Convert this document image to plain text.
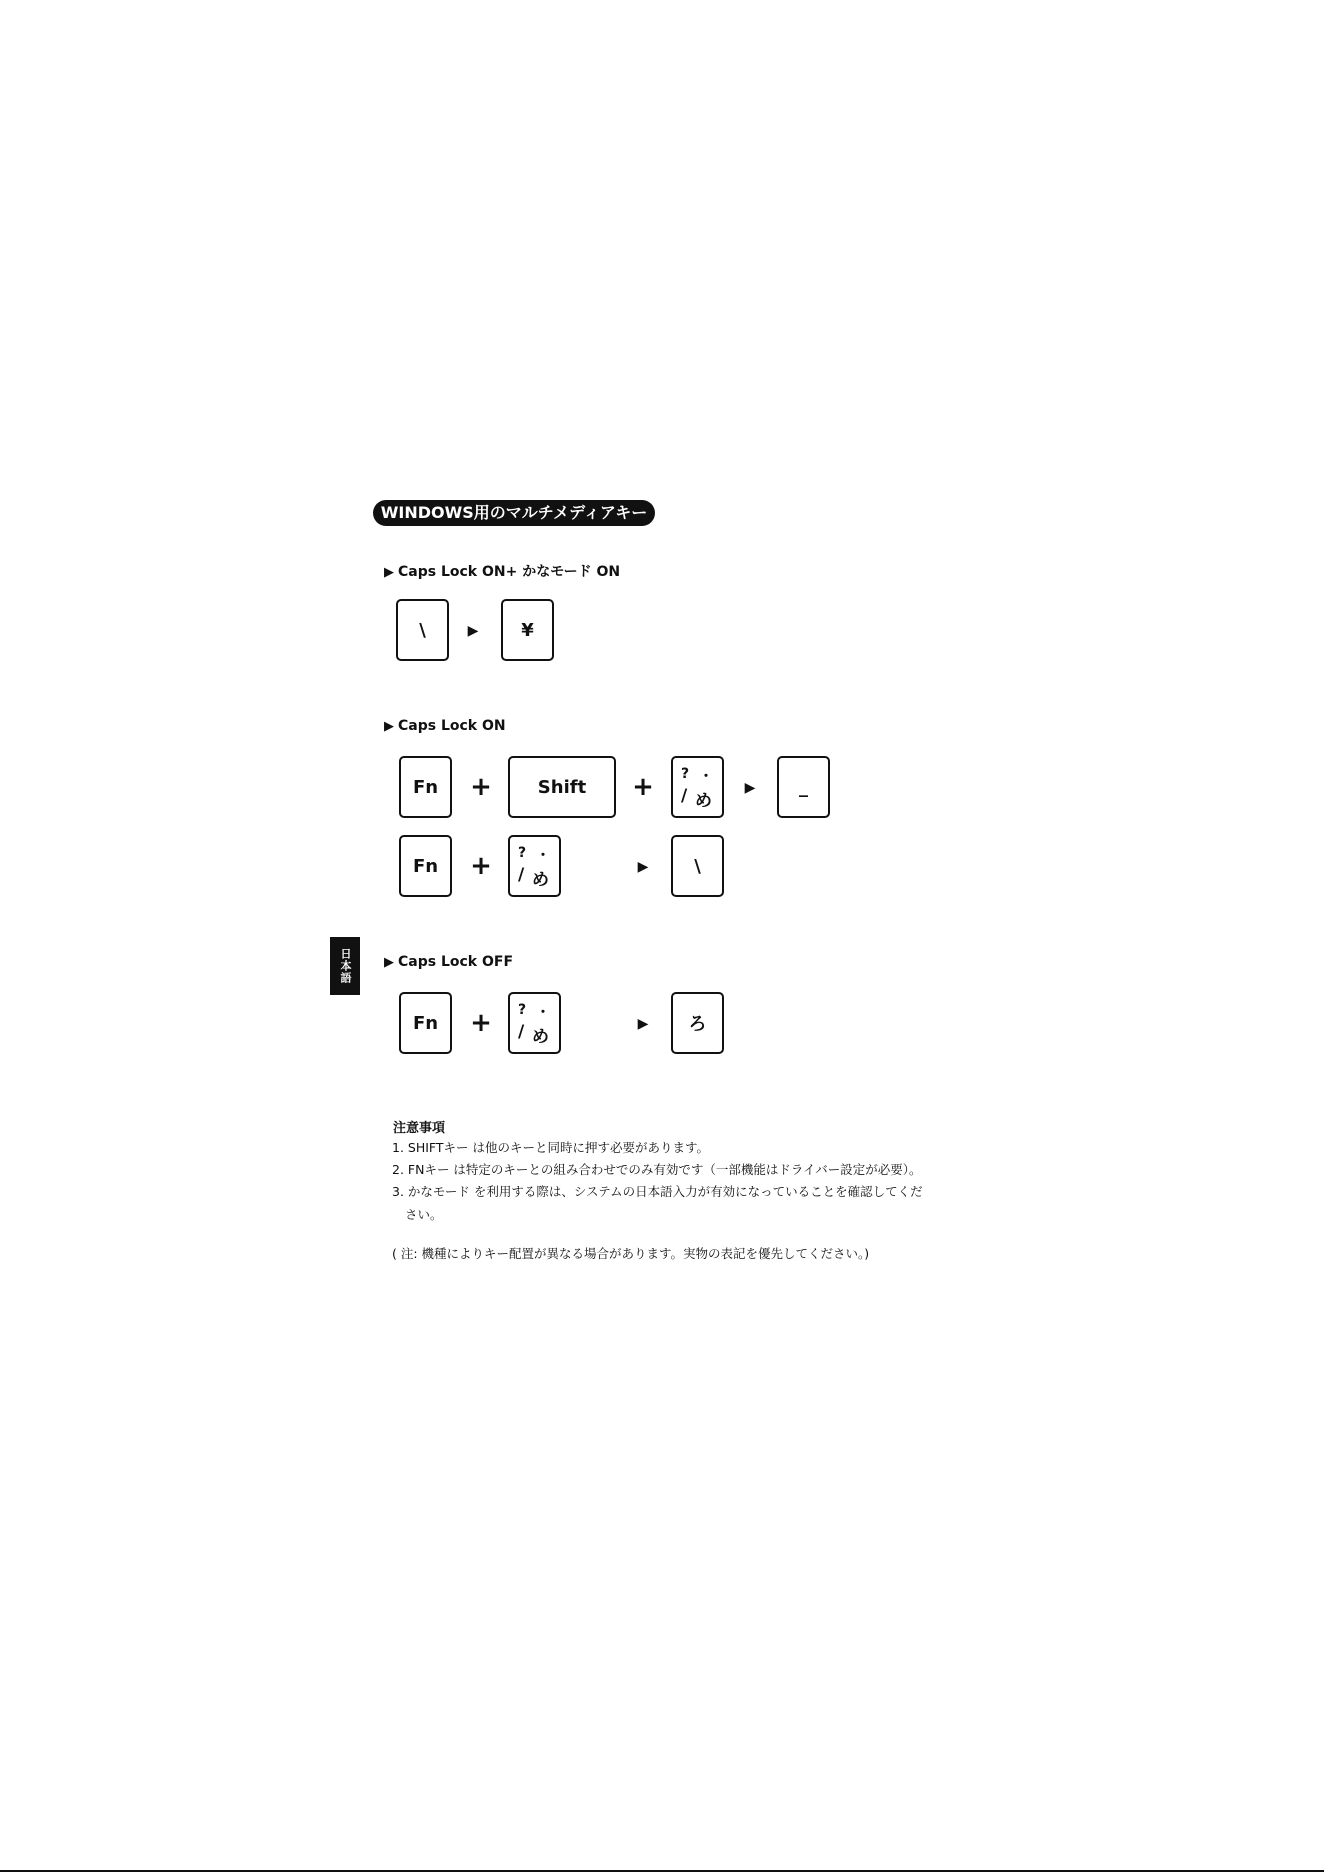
WINDOWS用のマルチメディアキー
日本語
▶ Caps Lock ON+ かなモード ON
\	▶ ¥
▶ Caps Lock ON
Fn +	Shift + ? ・
/ め
▶ _
Fn + ? ・
/ め
▶	\
▶ Caps Lock OFF
Fn + ? ・
/ め
▶ ろ
注意事項
1. SHIFTキー は他のキーと同時に押す必要があります。
2. FNキー は特定のキーとの組み合わせでのみ有効です（一部機能はドライバー設定が必要）。
3. かなモード を利用する際は、システムの日本語入力が有効になっていることを確認してくだ
さい。
( 注: 機種によりキー配置が異なる場合があります。実物の表記を優先してください。)
